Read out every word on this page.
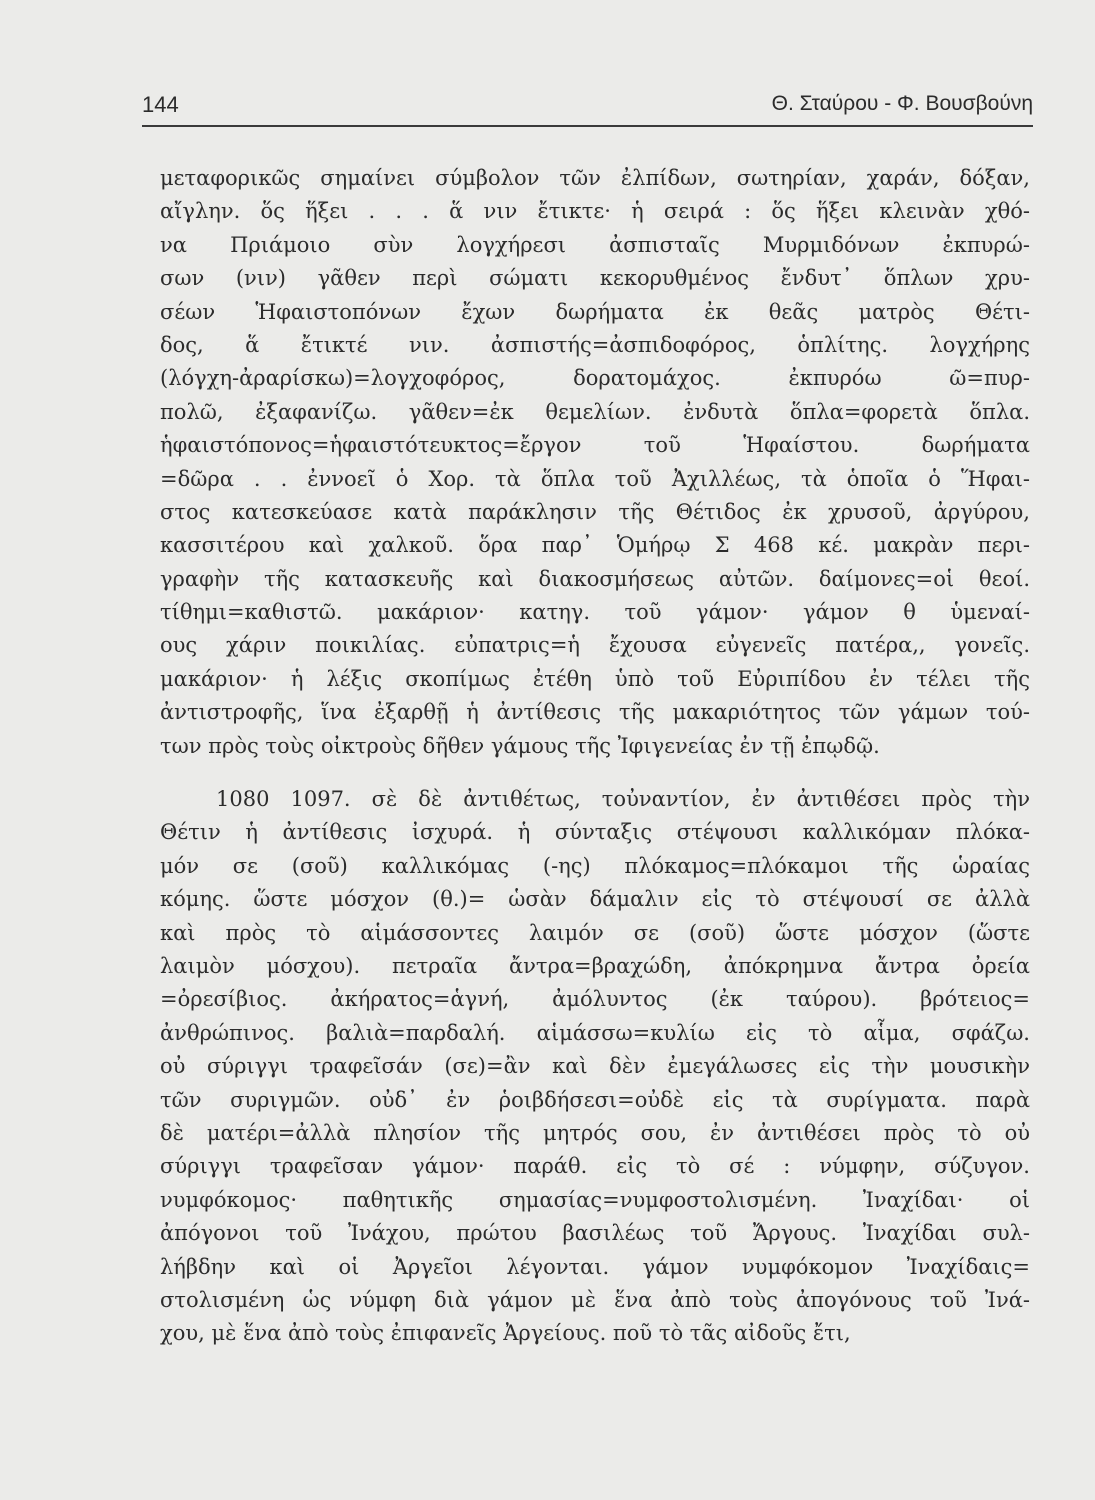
144	Θ. Σταύρου - Φ. Βουσβούνη
μεταφορικῶς σημαίνει σύμβολον τῶν ἐλπίδων, σωτηρίαν, χαράν, δόξαν,
αἴγλην. ὅς ἥξει . . . ἅ νιν ἔτικτε· ἡ σειρά : ὅς ἥξει κλεινὰν χθό-
να Πριάμοιο σὺν λογχήρεσι ἀσπισταῖς Μυρμιδόνων ἐκπυρώ-
σων (νιν) γᾶθεν περὶ σώματι κεκορυθμένος ἔνδυτ᾽ ὅπλων χρυ-
σέων Ἡφαιστοπόνων ἔχων δωρήματα ἐκ θεᾶς ματρὸς Θέτι-
δος, ἅ ἔτικτέ νιν. ἀσπιστής=ἀσπιδοφόρος, ὁπλίτης. λογχήρης
(λόγχη-ἀραρίσκω)=λογχοφόρος, δορατομάχος. ἐκπυρόω ῶ=πυρ-
πολῶ, ἐξαφανίζω. γᾶθεν=ἐκ θεμελίων. ἐνδυτὰ ὅπλα=φορετὰ ὅπλα.
ἡφαιστόπονος=ἡφαιστότευκτος=ἔργον τοῦ Ἡφαίστου. δωρήματα
=δῶρα . . ἐννοεῖ ὁ Χορ. τὰ ὅπλα τοῦ Ἀχιλλέως, τὰ ὁποῖα ὁ Ἥφαι-
στος κατεσκεύασε κατὰ παράκλησιν τῆς Θέτιδος ἐκ χρυσοῦ, ἀργύρου,
κασσιτέρου καὶ χαλκοῦ. ὅρα παρ᾽ Ὁμήρῳ Σ 468 κέ. μακρὰν περι-
γραφὴν τῆς κατασκευῆς καὶ διακοσμήσεως αὐτῶν. δαίμονες=οἱ θεοί.
τίθημι=καθιστῶ. μακάριον· κατηγ. τοῦ γάμον· γάμον θ ὑμεναί-
ους χάριν ποικιλίας. εὐπατρις=ἡ ἔχουσα εὐγενεῖς πατέρα,, γονεῖς.
μακάριον· ἡ λέξις σκοπίμως ἐτέθη ὑπὸ τοῦ Εὐριπίδου ἐν τέλει τῆς
ἀντιστροφῆς, ἵνα ἐξαρθῇ ἡ ἀντίθεσις τῆς μακαριότητος τῶν γάμων τού-
των πρὸς τοὺς οἰκτροὺς δῆθεν γάμους τῆς Ἰφιγενείας ἐν τῇ ἐπῳδῷ.
1080 1097. σὲ δὲ ἀντιθέτως, τοὐναντίον, ἐν ἀντιθέσει πρὸς τὴν
Θέτιν ἡ ἀντίθεσις ἰσχυρά. ἡ σύνταξις στέψουσι καλλικόμαν πλόκα-
μόν σε (σοῦ) καλλικόμας (-ης) πλόκαμος=πλόκαμοι τῆς ὡραίας
κόμης. ὥστε μόσχον (θ.)= ὡσὰν δάμαλιν εἰς τὸ στέψουσί σε ἀλλὰ
καὶ πρὸς τὸ αἱμάσσοντες λαιμόν σε (σοῦ) ὥστε μόσχον (ὥστε
λαιμὸν μόσχου). πετραῖα ἄντρα=βραχώδη, ἀπόκρημνα ἄντρα ὀρεία
=ὀρεσίβιος. ἀκήρατος=ἁγνή, ἀμόλυντος (ἐκ ταύρου). βρότειος=
ἀνθρώπινος. βαλιὰ=παρδαλή. αἱμάσσω=κυλίω εἰς τὸ αἷμα, σφάζω.
οὐ σύριγγι τραφεῖσάν (σε)=ἂν καὶ δὲν ἐμεγάλωσες εἰς τὴν μουσικὴν
τῶν συριγμῶν. οὐδ᾽ ἐν ῥοιβδήσεσι=οὐδὲ εἰς τὰ συρίγματα. παρὰ
δὲ ματέρι=ἀλλὰ πλησίον τῆς μητρός σου, ἐν ἀντιθέσει πρὸς τὸ οὐ
σύριγγι τραφεῖσαν γάμον· παράθ. εἰς τὸ σέ : νύμφην, σύζυγον.
νυμφόκομος· παθητικῆς σημασίας=νυμφοστολισμένη. Ἰναχίδαι· οἱ
ἀπόγονοι τοῦ Ἰνάχου, πρώτου βασιλέως τοῦ Ἄργους. Ἰναχίδαι συλ-
λήβδην καὶ οἱ Ἀργεῖοι λέγονται. γάμον νυμφόκομον Ἰναχίδαις=
στολισμένη ὡς νύμφη διὰ γάμον μὲ ἕνα ἀπὸ τοὺς ἀπογόνους τοῦ Ἰνά-
χου, μὲ ἕνα ἀπὸ τοὺς ἐπιφανεῖς Ἀργείους. ποῦ τὸ τᾶς αἰδοῦς ἔτι,
